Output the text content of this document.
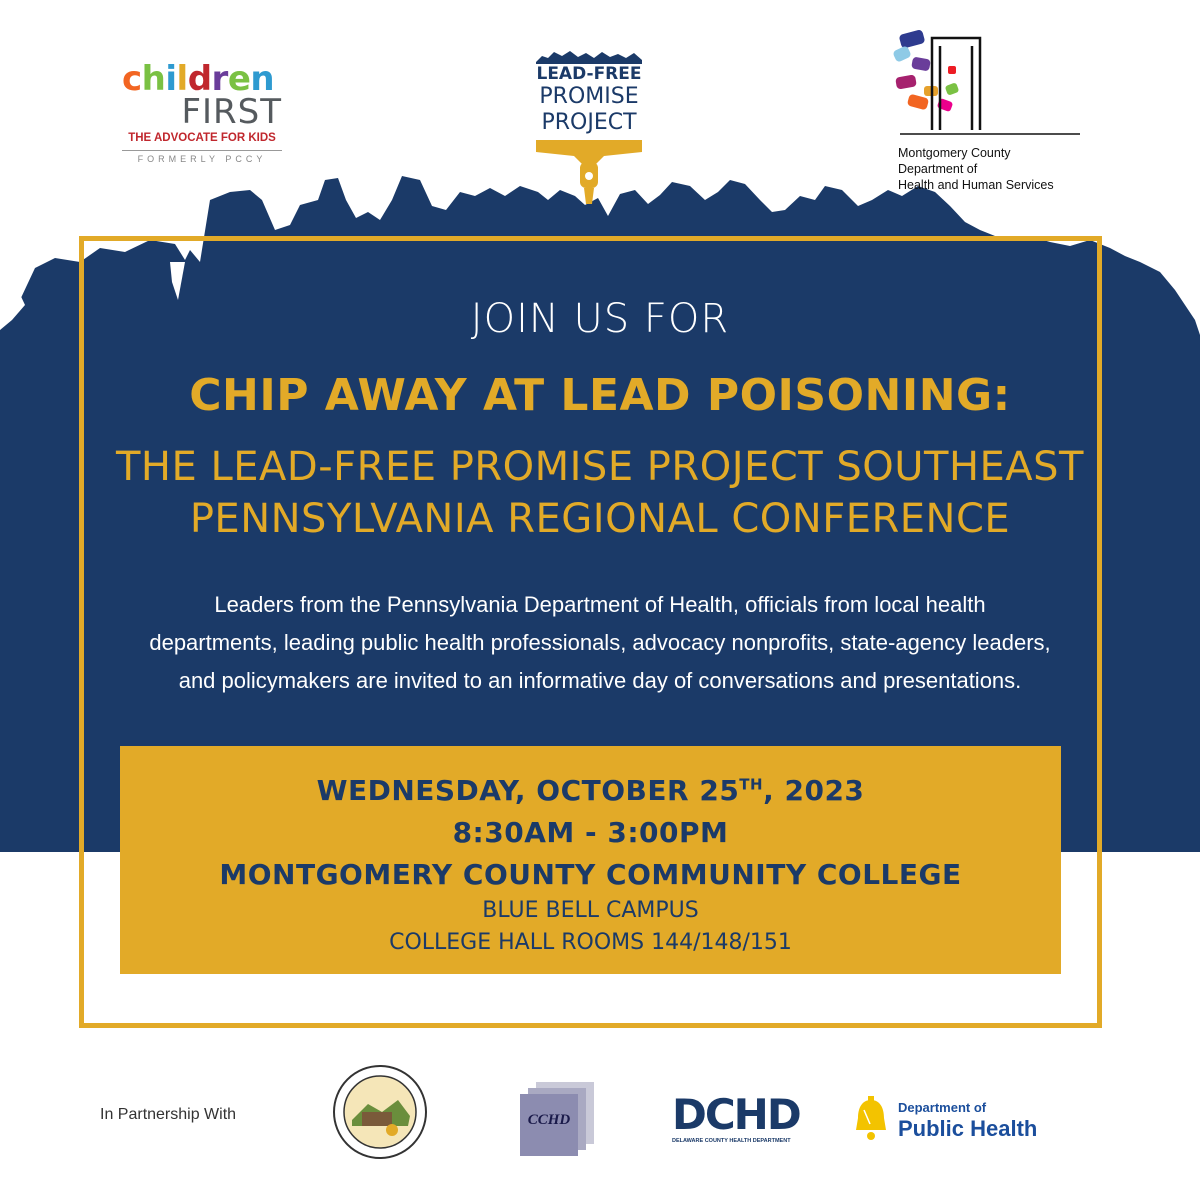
children
FIRST
THE ADVOCATE FOR KIDS
FORMERLY PCCY
LEAD-FREE
PROMISE
PROJECT
Montgomery County
Department of
Health and Human Services
JOIN US FOR
CHIP AWAY AT LEAD POISONING:
THE LEAD-FREE PROMISE PROJECT SOUTHEAST
PENNSYLVANIA REGIONAL CONFERENCE
Leaders from the Pennsylvania Department of Health, officials from local health
departments, leading public health professionals, advocacy nonprofits, state-agency leaders,
and policymakers are invited to an informative day of conversations and presentations.
WEDNESDAY, OCTOBER 25TH, 2023
8:30AM - 3:00PM
MONTGOMERY COUNTY COMMUNITY COLLEGE
BLUE BELL CAMPUS
COLLEGE HALL ROOMS 144/148/151
In Partnership With	CCHD DCHD
DELAWARE COUNTY HEALTH DEPARTMENT
Department of
Public Health
